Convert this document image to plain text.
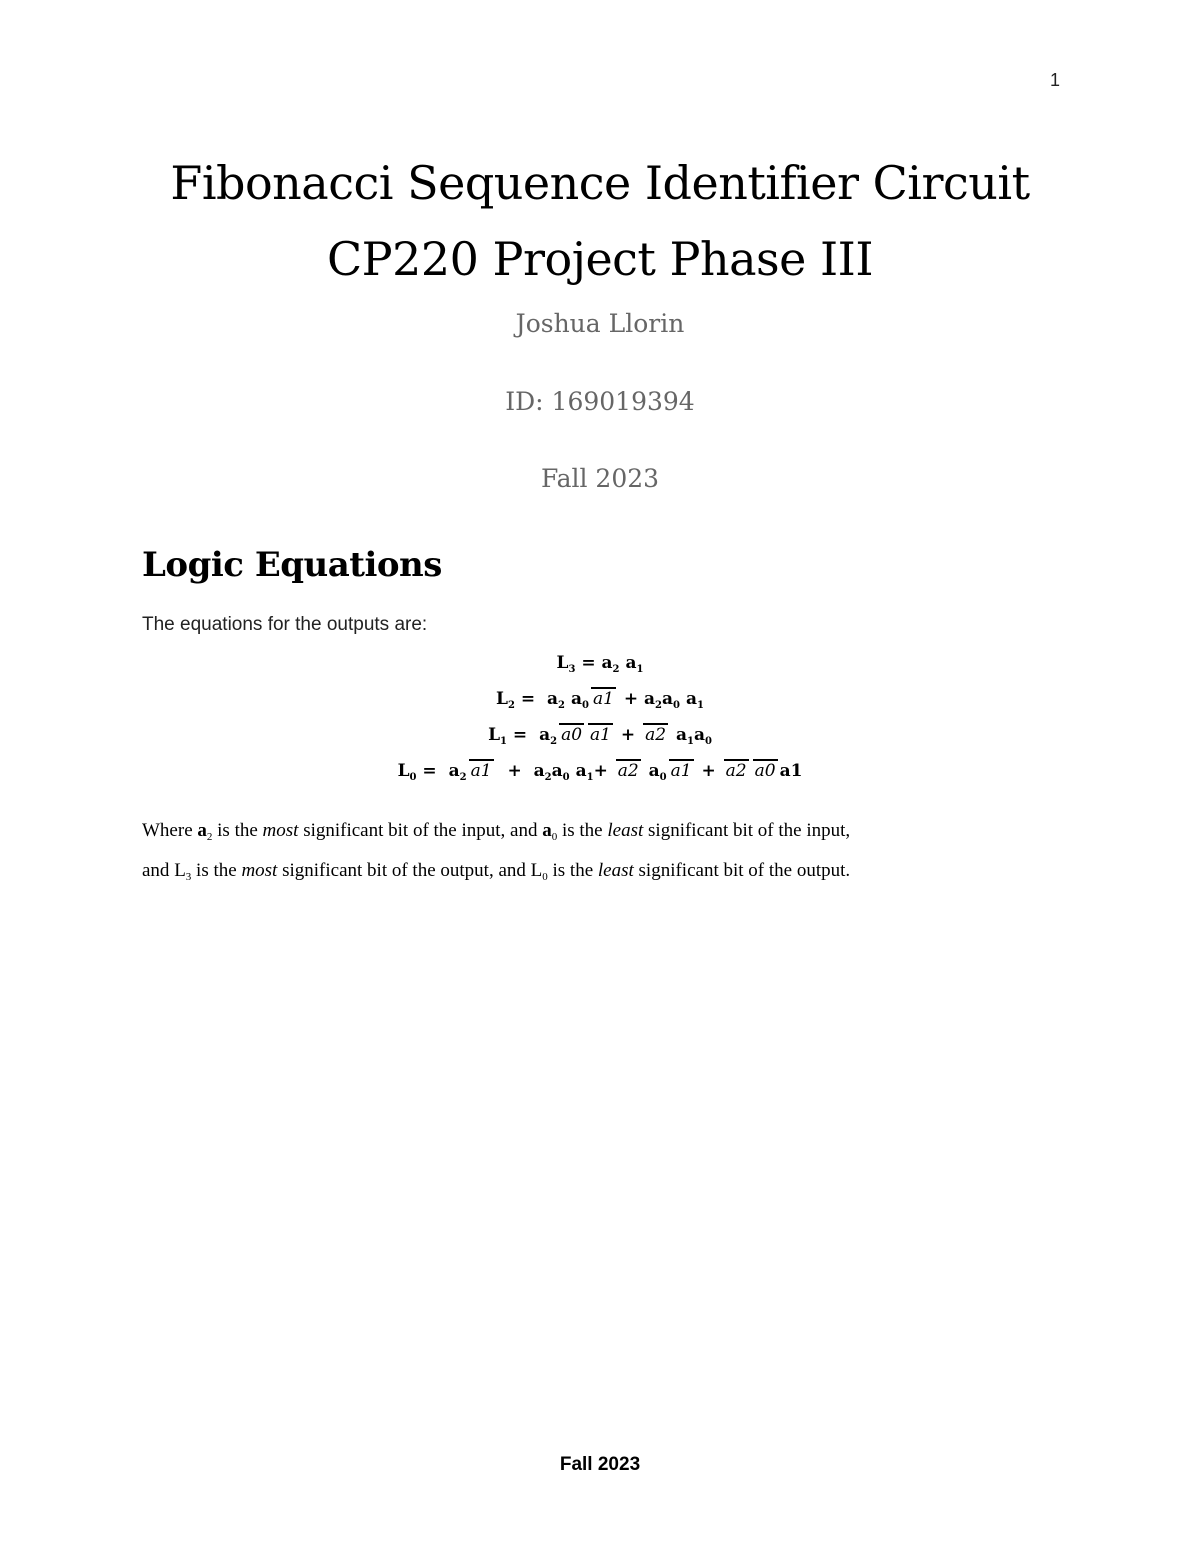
1
Fibonacci Sequence Identifier Circuit
CP220 Project Phase III
Joshua Llorin
ID: 169019394
Fall 2023
Logic Equations
The equations for the outputs are:
$L_3 = a_2$ $a_1$
$L_2 = a_2$ $a_0$ $a1 + a_2a_0$ $a_1$
$L_1 = a_2$ a0 a1 + a2 $a_1a_0$
$L_0 = a_2$ $a1 + a_2a_0$ $a_1+ a2$ $a_0$ a1 + a2 a0 a1
Where $a_2$ is the most significant bit of the input, and $a_0$ is the least significant bit of the input,
and $L_3$ is the most significant bit of the output, and $L_0$ is the least significant bit of the output.
Fall 2023
